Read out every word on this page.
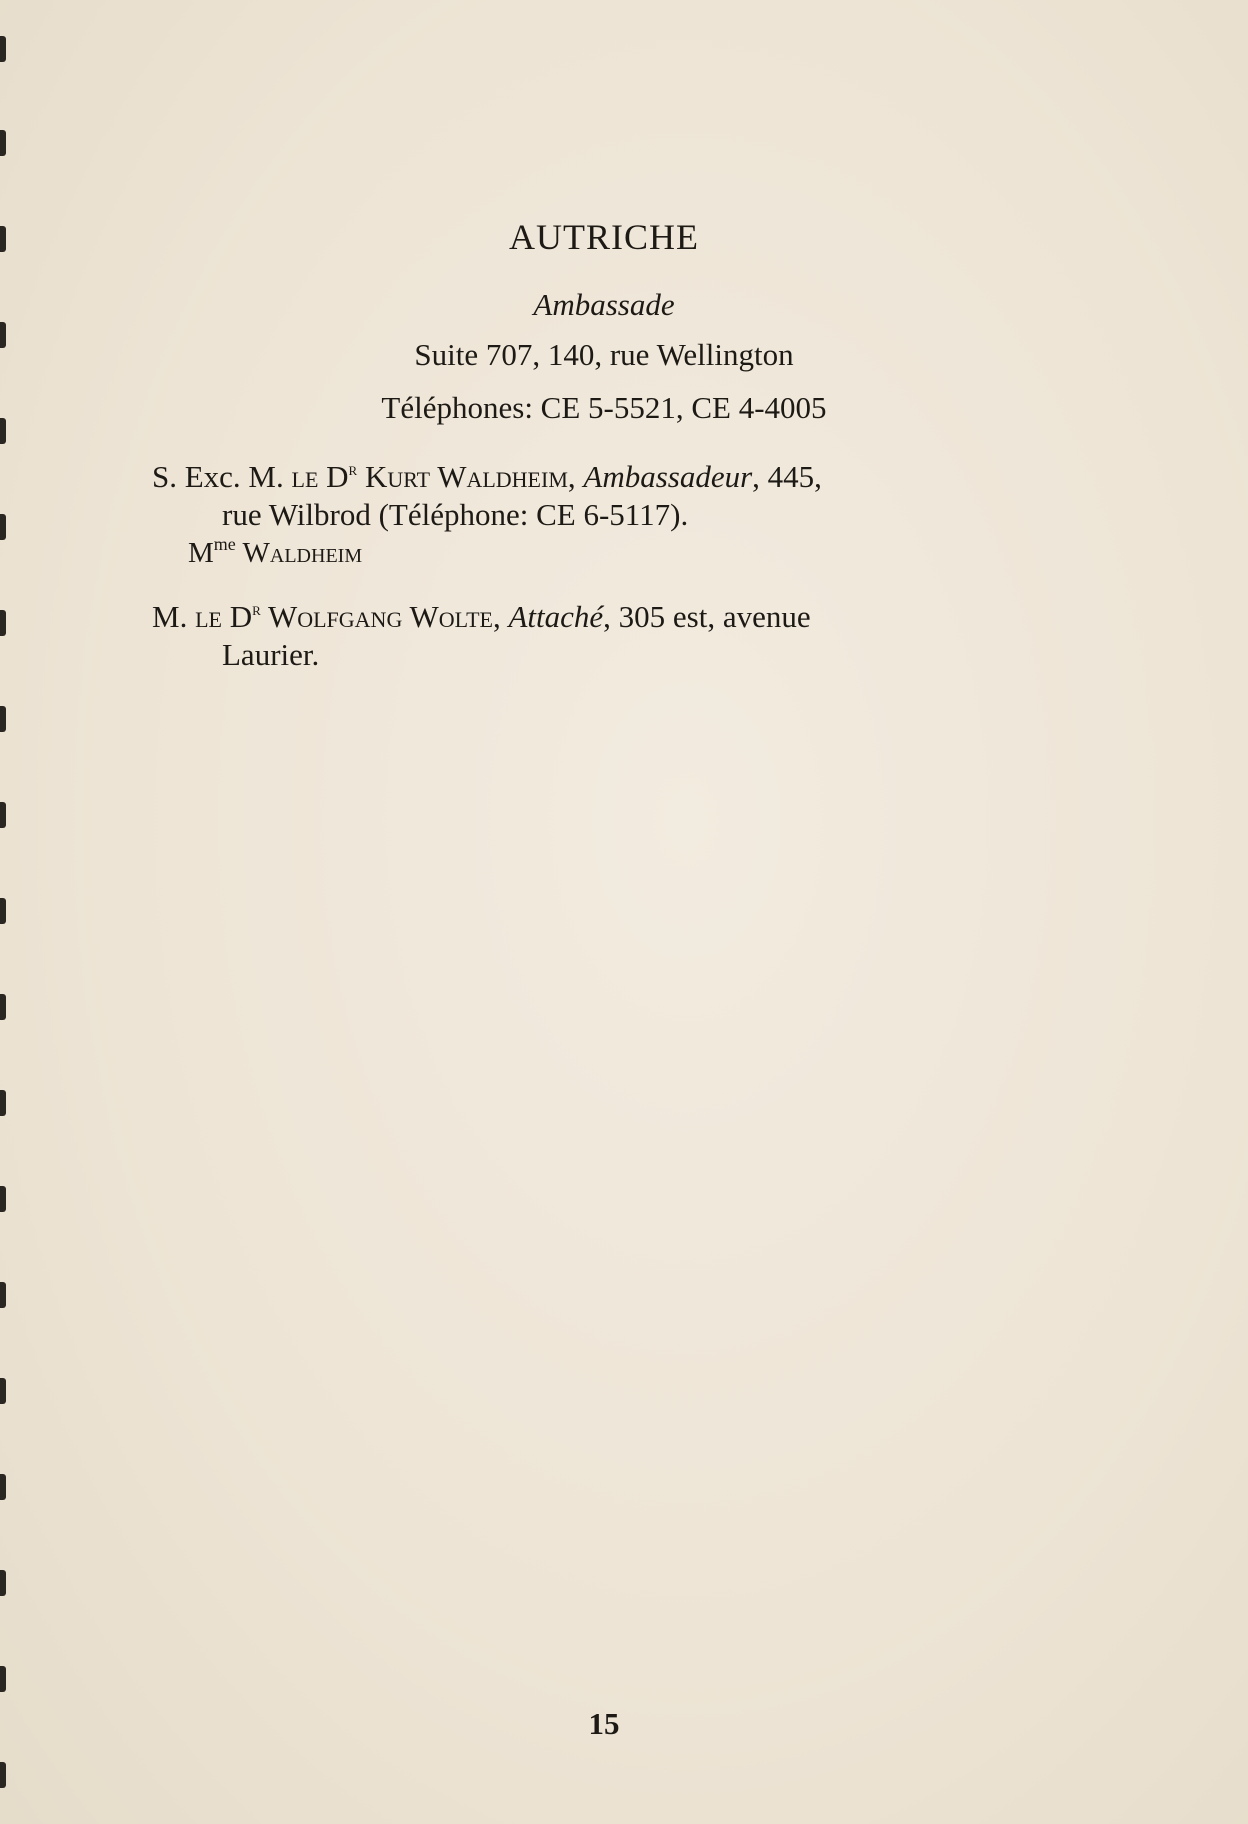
AUTRICHE
Ambassade
Suite 707, 140, rue Wellington
Téléphones: CE 5-5521, CE 4-4005
S. Exc. M. le $D^r$ Kurt Waldheim, Ambassadeur, 445,
rue Wilbrod (Téléphone: CE 6-5117).
$M^{me}$ Waldheim
M. le $D^r$ Wolfgang Wolte, Attaché, 305 est, avenue
Laurier.
15
